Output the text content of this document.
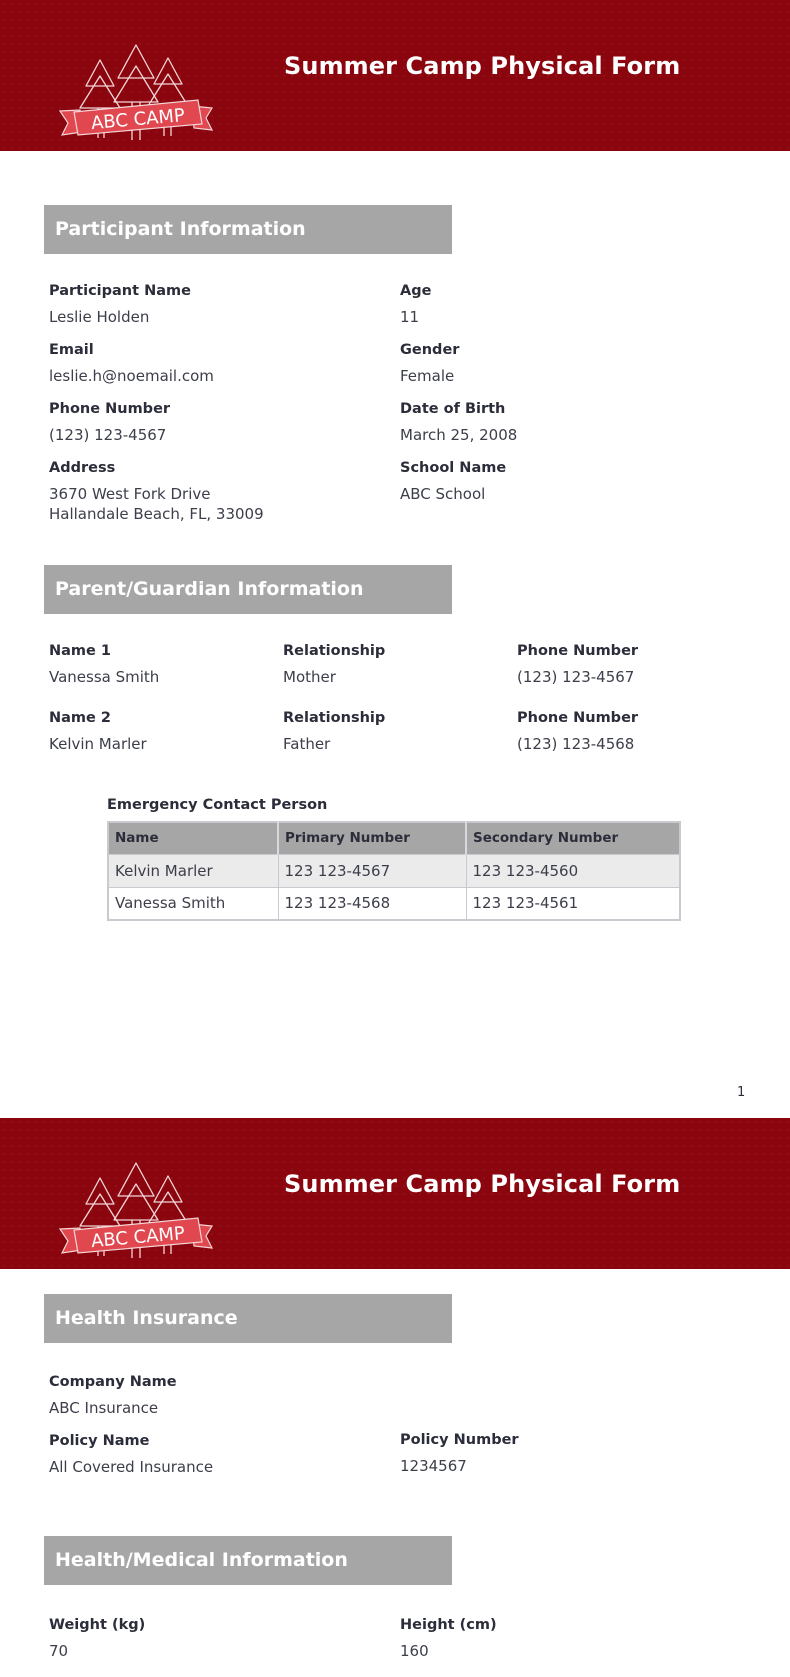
ABC CAMP
Summer Camp Physical Form
Participant Information
Participant Name
Leslie Holden
Age
11
Email
leslie.h@noemail.com
Gender
Female
Phone Number
(123) 123-4567
Date of Birth
March 25, 2008
Address
3670 West Fork Drive
Hallandale Beach, FL, 33009
School Name
ABC School
Parent/Guardian Information
Name 1
Vanessa Smith
Relationship
Mother
Phone Number
(123) 123-4567
Name 2
Kelvin Marler
Relationship
Father
Phone Number
(123) 123-4568
Emergency Contact Person
Name	Primary Number	Secondary Number
Kelvin Marler	123 123-4567	123 123-4560
Vanessa Smith	123 123-4568	123 123-4561
1
ABC CAMP
Summer Camp Physical Form
Health Insurance
Company Name
ABC Insurance
Policy Name
All Covered Insurance
Policy Number
1234567
Health/Medical Information
Weight (kg)
70
Height (cm)
160
